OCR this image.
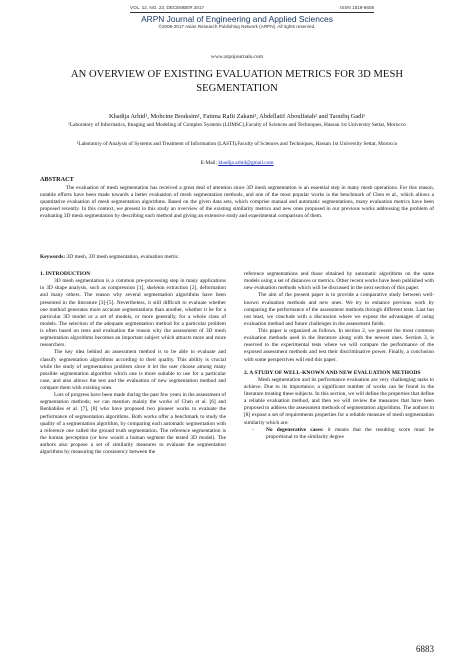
VOL. 12, NO. 23, DECEMBER 2017	ISSN 1819-6608
ARPN Journal of Engineering and Applied Sciences
©2006-2017 Asian Research Publishing Network (ARPN). All rights reserved.
www.arpnjournals.com
AN OVERVIEW OF EXISTING EVALUATION METRICS FOR 3D MESH SEGMENTATION
Khadija Arhid¹, Mohcine Bouksim¹, Fatima Rafii Zakani¹, Abdellatif Aboulfatah² and Taoufiq Gadi¹
¹Laboratory of Informatics, Imaging and Modeling of Complex Systems (LIIMSC),Faculty of Sciences and Techniques, Hassan 1st University Settat, Morocco
²Laboratory of Analysis of Systems and Treatment of Information (LASTI),Faculty of Sciences and Techniques, Hassan 1st University Settat, Morocco
E-Mail: khadija.arhid@gmail.com
ABSTRACT
The evaluation of mesh segmentation has received a great deal of attention since 3D mesh segmentation is an essential step in many mesh operations. For this reason, notable efforts have been made towards a better evaluation of mesh segmentation methods, and one of the most popular works is the benchmark of Chen et al., which allows a quantitative evaluation of mesh segmentation algorithms. Based on the given data sets, which comprise manual and automatic segmentations, many evaluation metrics have been proposed recently. In this context, we present in this study an overview of the existing similarity metrics and new ones proposed in our previous works addressing the problem of evaluating 3D mesh segmentation by describing each method and giving an extensive study and experimental comparison of them.
Keywords: 3D mesh, 3D mesh segmentation, evaluation metric.

1. INTRODUCTION

3D mesh segmentation is a common pre-processing step in many applications in 3D shape analysis, such as compression [1], skeleton extraction [2], deformation and many others. The reason why several segmentation algorithms have been presented in the literature [3]-[5]. Nevertheless, it still difficult to evaluate whether one method generates more accurate segmentations than another, whether it be for a particular 3D model or a set of models, or more generally, for a whole class of models. The selection of the adequate segmentation method for a particular problem is often based on tests and evaluation the reason why the assessment of 3D mesh segmentation algorithms becomes an important subject which attracts more and more researchers.

The key idea behind an assessment method is to be able to evaluate and classify segmentation algorithms according to their quality. This ability is crucial while the study of segmentation problem since it let the user choose among many possible segmentation algorithm which one is more suitable to use for a particular case, and also allows the test and the evaluation of new segmentation method and compare them with existing ones.

Lots of progress have been made during the past few years in the assessment of segmentation methods; we can mention mainly the works of Chen et al. [6] and Benhabiles et al. [7], [8] who have proposed two pioneer works to evaluate the performance of segmentation algorithms. Both works offer a benchmark to study the quality of a segmentation algorithm, by comparing each automatic segmentation with a reference one called the ground truth segmentation. The reference segmentation is the human perception (or how would a human segment the tested 3D model). The authors also propose a set of similarity measures to evaluate the segmentation algorithms by measuring the consistency between the

reference segmentations and those obtained by automatic algorithms on the same models using a set of distances or metrics. Other recent works have been published with new evaluation methods which will be discussed in the next section of this paper.

The aim of the present paper is to provide a comparative study between well-known evaluation methods and new ones. We try to enhance previous work by comparing the performance of the assessment methods through different tests. Last but not least, we conclude with a discussion where we expose the advantages of using evaluation method and future challenges in the assessment fields.

This paper is organized as follows. In section 2, we present the most common evaluation methods used in the literature along with the newest ones. Section 3, is reserved to the experimental tests where we will compare the performance of the exposed assessment methods and test their discriminative power. Finally, a conclusion with some perspectives will end this paper.

2. A STUDY OF WELL-KNOWN AND NEW EVALUATION METHODS

Mesh segmentation and its performance evaluation are very challenging tasks to achieve. Due to its importance, a significant number of works can be found in the literature treating these subjects. In this section, we will define the properties that define a reliable evaluation method, and then we will review the measures that have been proposed to address the assessment methods of segmentation algorithms. The authors in [8] expose a set of requirements properties for a reliable measure of mesh segmentation similarity which are:

- No degenerative cases: it means that the resulting score must be proportional to the similarity degree

6883
